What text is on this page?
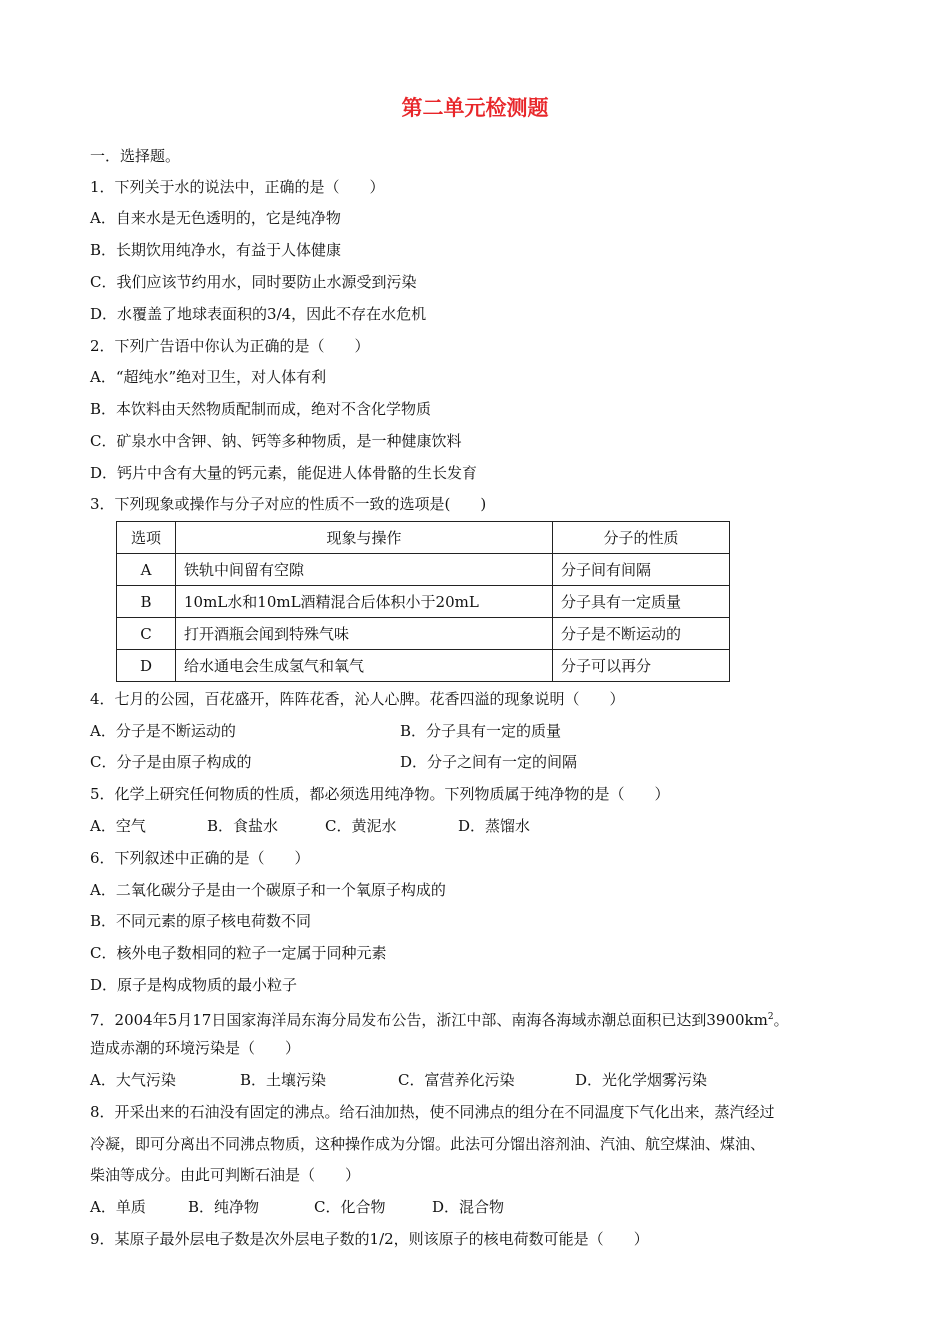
第二单元检测题
一．选择题。
1．下列关于水的说法中，正确的是（　　）
A．自来水是无色透明的，它是纯净物
B．长期饮用纯净水，有益于人体健康
C．我们应该节约用水，同时要防止水源受到污染
D．水覆盖了地球表面积的3/4，因此不存在水危机
2．下列广告语中你认为正确的是（　　）
A．“超纯水”绝对卫生，对人体有利
B．本饮料由天然物质配制而成，绝对不含化学物质
C．矿泉水中含钾、钠、钙等多种物质，是一种健康饮料
D．钙片中含有大量的钙元素，能促进人体骨骼的生长发育
3．下列现象或操作与分子对应的性质不一致的选项是(　　)
选项	现象与操作	分子的性质
A	铁轨中间留有空隙	分子间有间隔
B	10mL水和10mL酒精混合后体积小于20mL	分子具有一定质量
C	打开酒瓶会闻到特殊气味	分子是不断运动的
D	给水通电会生成氢气和氧气	分子可以再分
4．七月的公园，百花盛开，阵阵花香，沁人心脾。花香四溢的现象说明（　　）
A．分子是不断运动的	B．分子具有一定的质量
C．分子是由原子构成的	D．分子之间有一定的间隔
5．化学上研究任何物质的性质，都必须选用纯净物。下列物质属于纯净物的是（　　）
A．空气	B．食盐水	C．黄泥水	D．蒸馏水
6．下列叙述中正确的是（　　）
A．二氧化碳分子是由一个碳原子和一个氧原子构成的
B．不同元素的原子核电荷数不同
C．核外电子数相同的粒子一定属于同种元素
D．原子是构成物质的最小粒子
7．2004年5月17日国家海洋局东海分局发布公告，浙江中部、南海各海域赤潮总面积已达到$3900km^2$。
造成赤潮的环境污染是（　　）
A．大气污染	B．土壤污染	C．富营养化污染	D．光化学烟雾污染
8．开采出来的石油没有固定的沸点。给石油加热，使不同沸点的组分在不同温度下气化出来，蒸汽经过
冷凝，即可分离出不同沸点物质，这种操作成为分馏。此法可分馏出溶剂油、汽油、航空煤油、煤油、
柴油等成分。由此可判断石油是（　　）
A．单质	B．纯净物	C．化合物	D．混合物
9．某原子最外层电子数是次外层电子数的1/2，则该原子的核电荷数可能是（　　）
